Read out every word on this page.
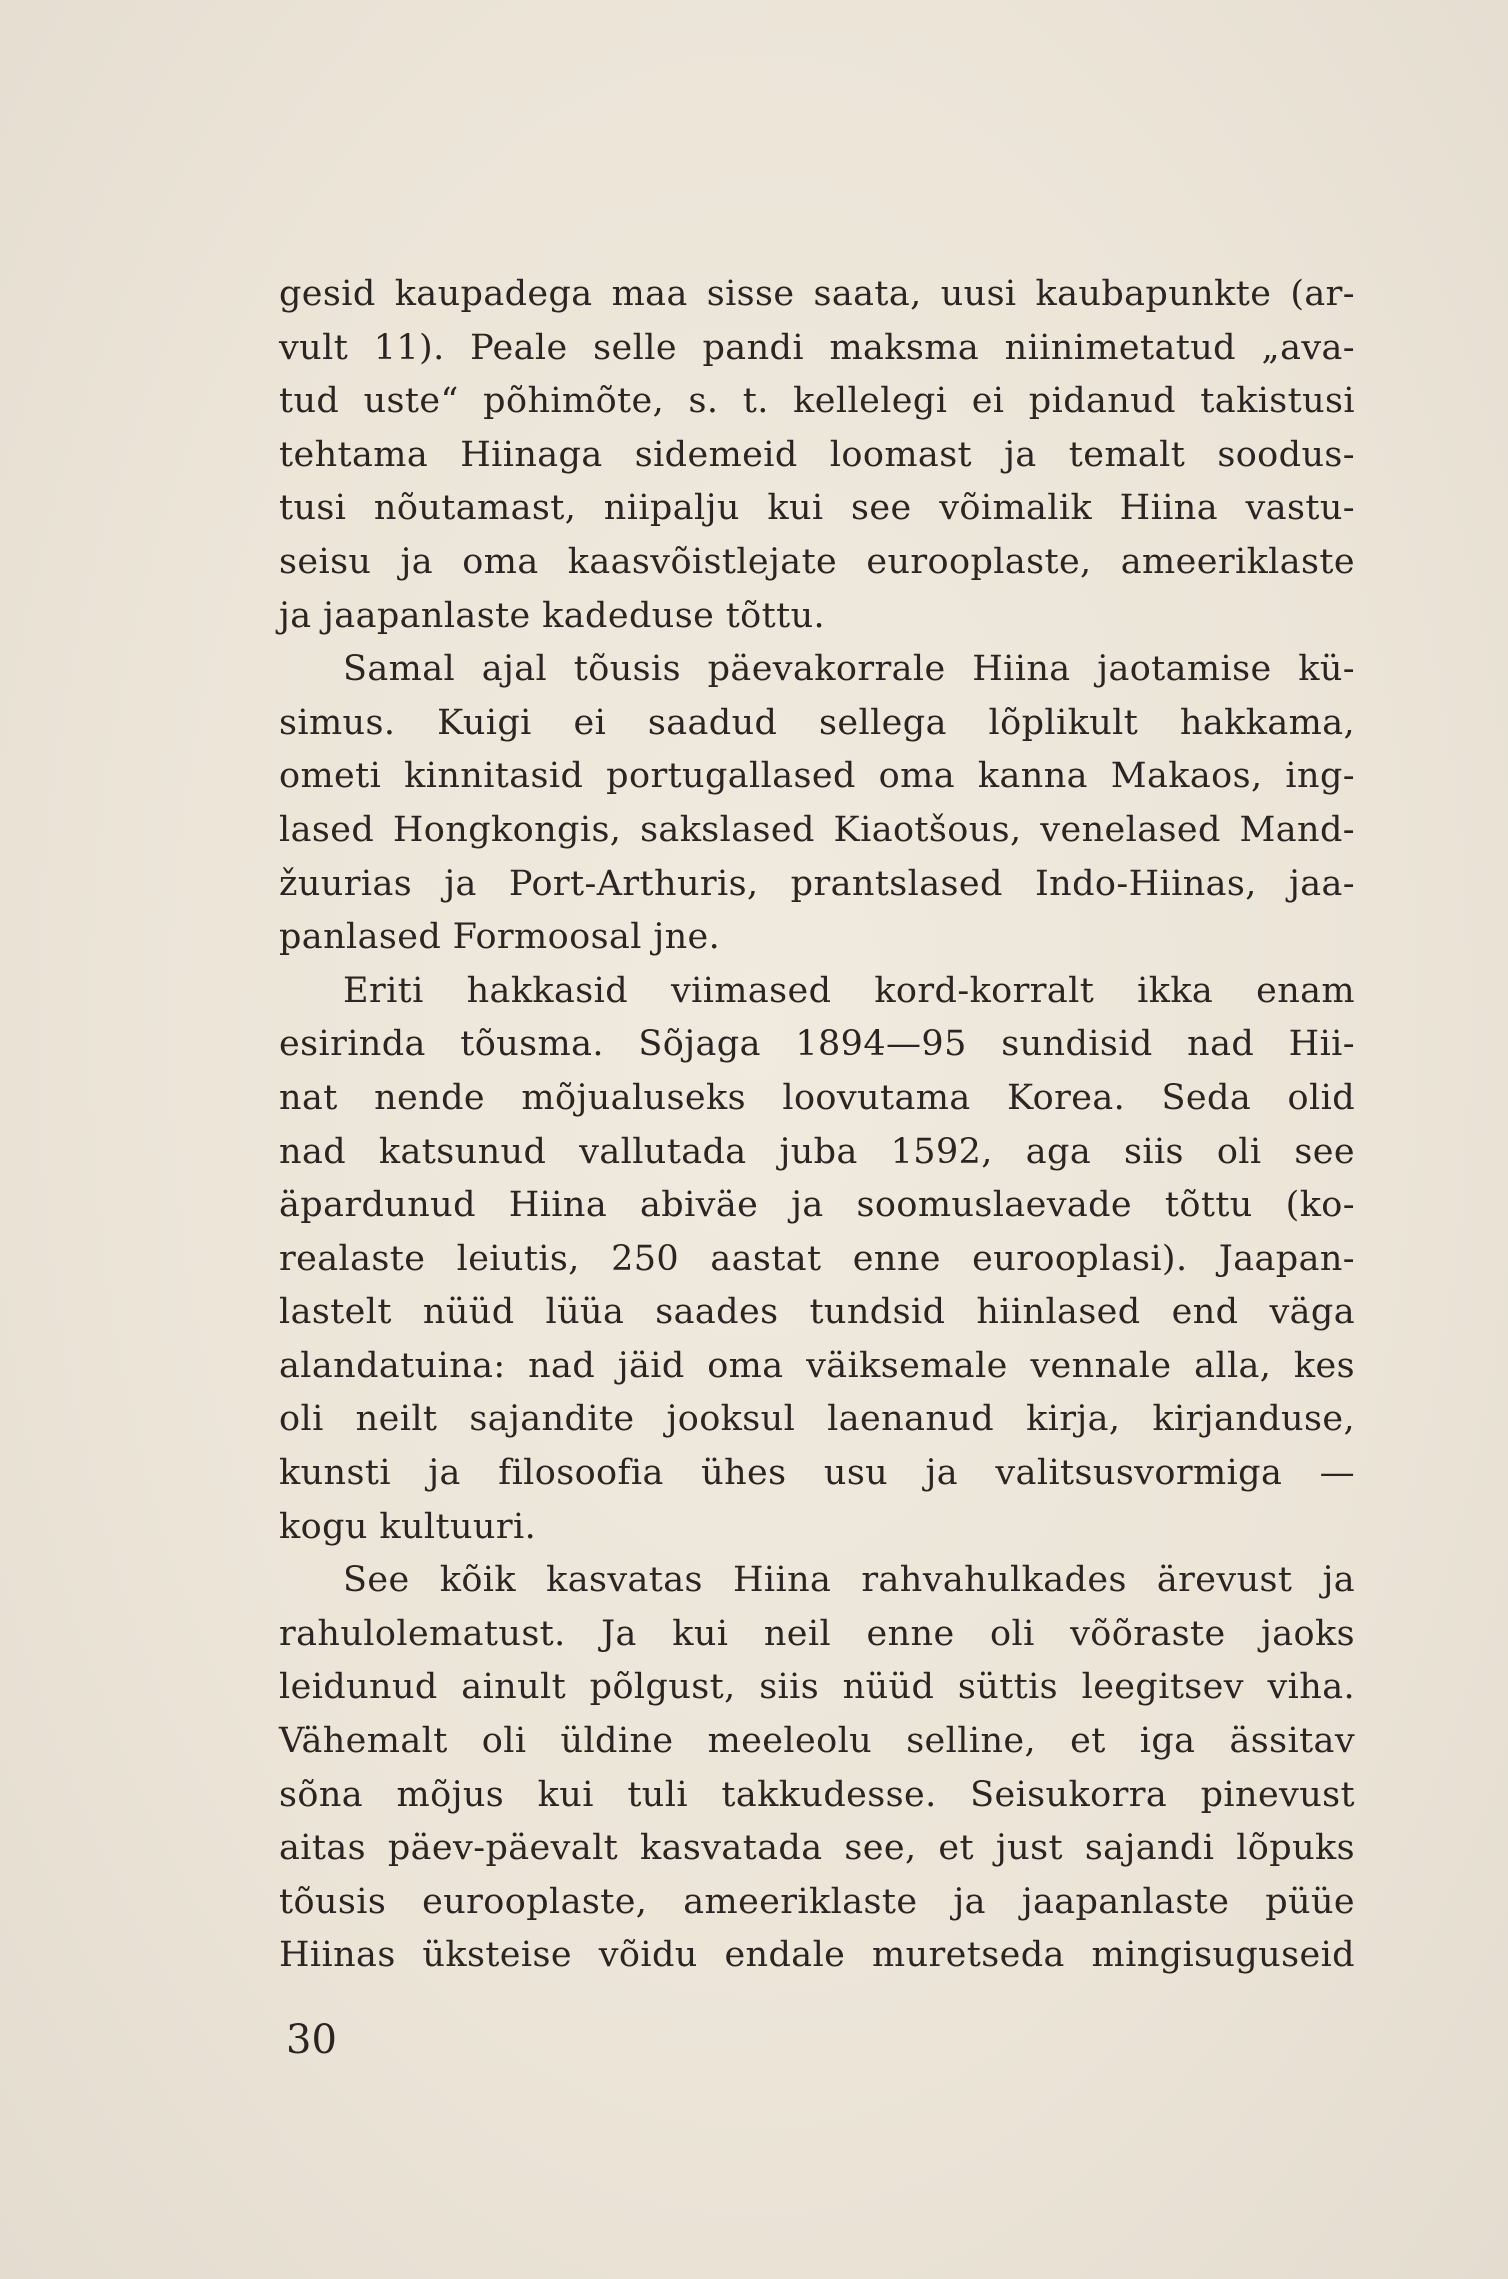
gesid kaupadega maa sisse saata, uusi kaubapunkte (ar-
vult 11). Peale selle pandi maksma niinimetatud „ava-
tud uste“ põhimõte, s. t. kellelegi ei pidanud takistusi
tehtama Hiinaga sidemeid loomast ja temalt soodus-
tusi nõutamast, niipalju kui see võimalik Hiina vastu-
seisu ja oma kaasvõistlejate eurooplaste, ameeriklaste
ja jaapanlaste kadeduse tõttu.
Samal ajal tõusis päevakorrale Hiina jaotamise kü-
simus. Kuigi ei saadud sellega lõplikult hakkama,
ometi kinnitasid portugallased oma kanna Makaos, ing-
lased Hongkongis, sakslased Kiaotšous, venelased Mand-
žuurias ja Port-Arthuris, prantslased Indo-Hiinas, jaa-
panlased Formoosal jne.
Eriti hakkasid viimased kord-korralt ikka enam
esirinda tõusma. Sõjaga 1894—95 sundisid nad Hii-
nat nende mõjualuseks loovutama Korea. Seda olid
nad katsunud vallutada juba 1592, aga siis oli see
äpardunud Hiina abiväe ja soomuslaevade tõttu (ko-
realaste leiutis, 250 aastat enne eurooplasi). Jaapan-
lastelt nüüd lüüa saades tundsid hiinlased end väga
alandatuina: nad jäid oma väiksemale vennale alla, kes
oli neilt sajandite jooksul laenanud kirja, kirjanduse,
kunsti ja filosoofia ühes usu ja valitsusvormiga —
kogu kultuuri.
See kõik kasvatas Hiina rahvahulkades ärevust ja
rahulolematust. Ja kui neil enne oli võõraste jaoks
leidunud ainult põlgust, siis nüüd süttis leegitsev viha.
Vähemalt oli üldine meeleolu selline, et iga ässitav
sõna mõjus kui tuli takkudesse. Seisukorra pinevust
aitas päev-päevalt kasvatada see, et just sajandi lõpuks
tõusis eurooplaste, ameeriklaste ja jaapanlaste püüe
Hiinas üksteise võidu endale muretseda mingisuguseid
30
